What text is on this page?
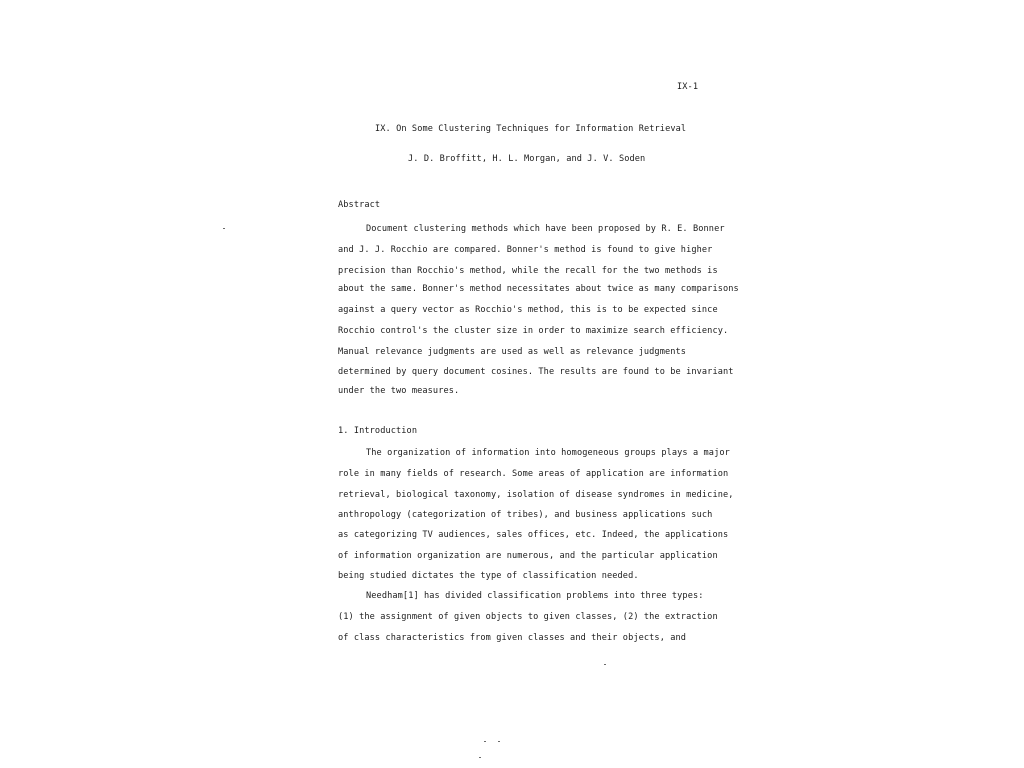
IX-1
IX. On Some Clustering Techniques for Information Retrieval
J. D. Broffitt, H. L. Morgan, and J. V. Soden
Abstract
Document clustering methods which have been proposed by R. E. Bonner
and J. J. Rocchio are compared. Bonner's method is found to give higher
precision than Rocchio's method, while the recall for the two methods is
about the same. Bonner's method necessitates about twice as many comparisons
against a query vector as Rocchio's method, this is to be expected since
Rocchio control's the cluster size in order to maximize search efficiency.
Manual relevance judgments are used as well as relevance judgments
determined by query document cosines. The results are found to be invariant
under the two measures.
1. Introduction
The organization of information into homogeneous groups plays a major
role in many fields of research. Some areas of application are information
retrieval, biological taxonomy, isolation of disease syndromes in medicine,
anthropology (categorization of tribes), and business applications such
as categorizing TV audiences, sales offices, etc. Indeed, the applications
of information organization are numerous, and the particular application
being studied dictates the type of classification needed.
Needham[1] has divided classification problems into three types:
(1) the assignment of given objects to given classes, (2) the extraction
of class characteristics from given classes and their objects, and
